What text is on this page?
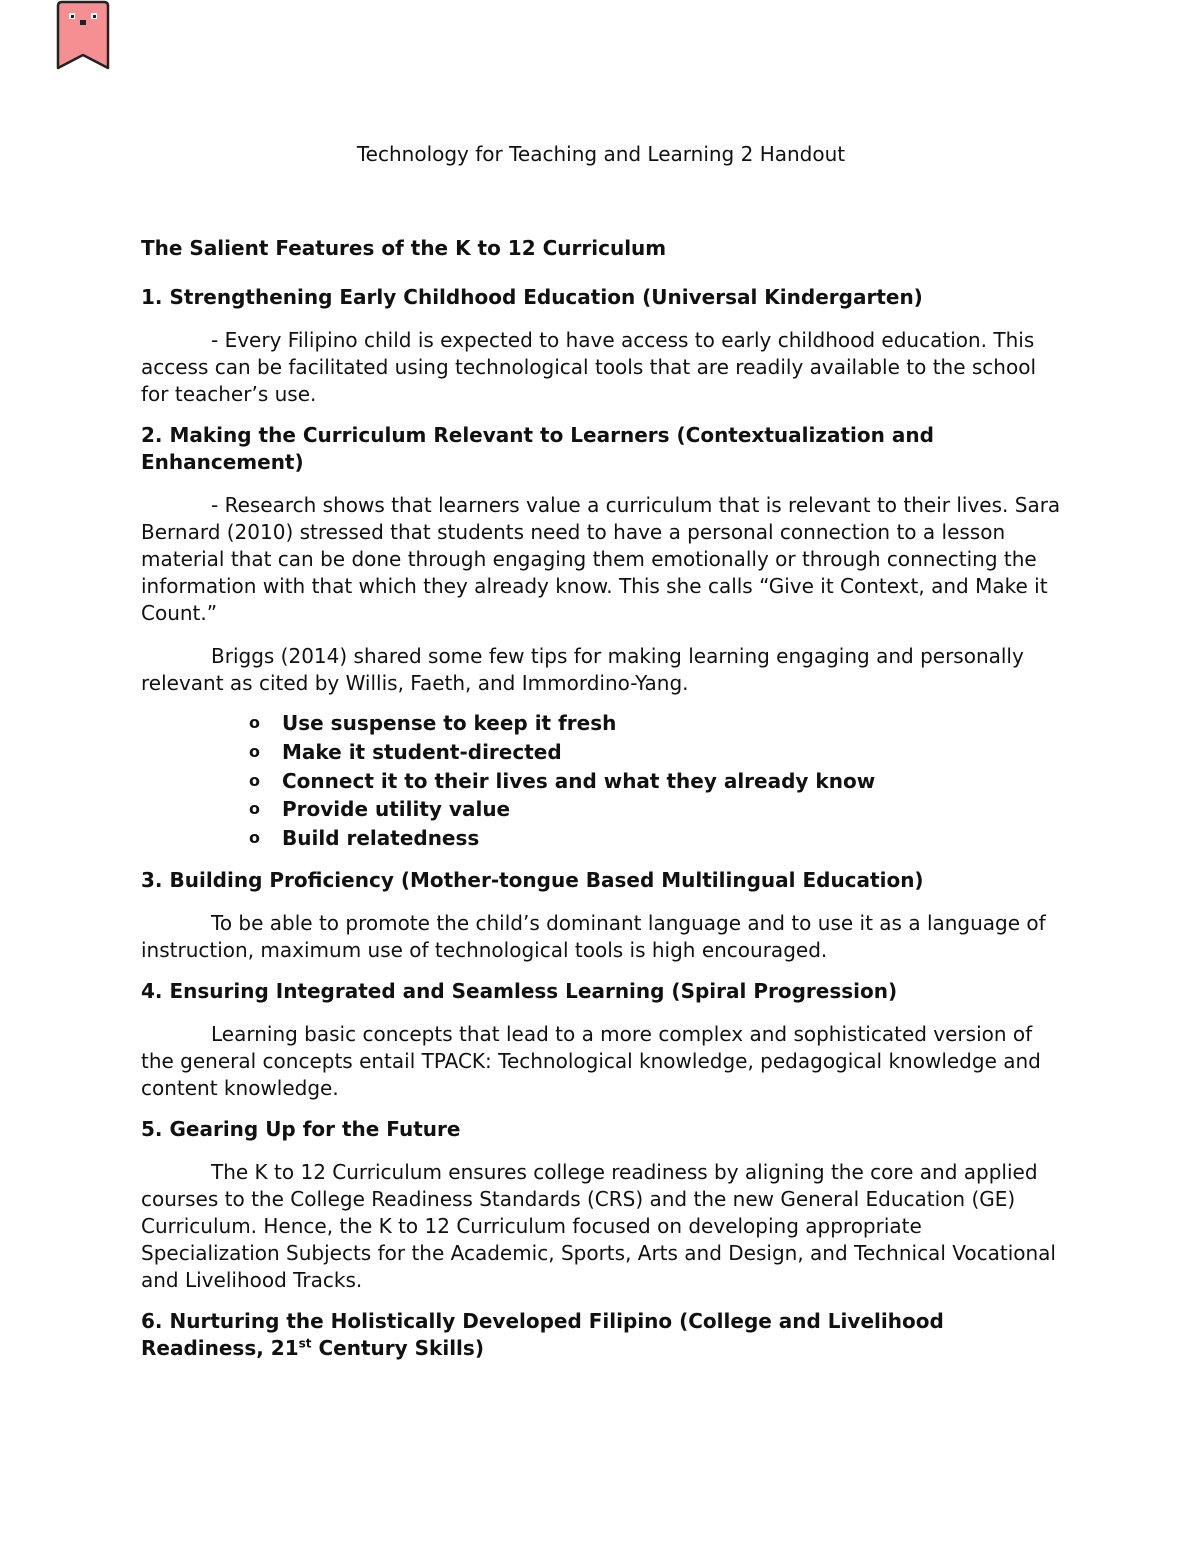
Technology for Teaching and Learning 2 Handout
The Salient Features of the K to 12 Curriculum
1. Strengthening Early Childhood Education (Universal Kindergarten)

- Every Filipino child is expected to have access to early childhood education. This access can be facilitated using technological tools that are readily available to the school for teacher’s use.

2. Making the Curriculum Relevant to Learners (Contextualization and Enhancement)

- Research shows that learners value a curriculum that is relevant to their lives. Sara Bernard (2010) stressed that students need to have a personal connection to a lesson material that can be done through engaging them emotionally or through connecting the information with that which they already know. This she calls “Give it Context, and Make it Count.”

Briggs (2014) shared some few tips for making learning engaging and personally relevant as cited by Willis, Faeth, and Immordino-Yang.

o Use suspense to keep it fresh
o Make it student-directed
o Connect it to their lives and what they already know
o Provide utility value
o Build relatedness
3. Building Proficiency (Mother-tongue Based Multilingual Education)

To be able to promote the child’s dominant language and to use it as a language of instruction, maximum use of technological tools is high encouraged.

4. Ensuring Integrated and Seamless Learning (Spiral Progression)

Learning basic concepts that lead to a more complex and sophisticated version of the general concepts entail TPACK: Technological knowledge, pedagogical knowledge and content knowledge.

5. Gearing Up for the Future

The K to 12 Curriculum ensures college readiness by aligning the core and applied courses to the College Readiness Standards (CRS) and the new General Education (GE) Curriculum. Hence, the K to 12 Curriculum focused on developing appropriate Specialization Subjects for the Academic, Sports, Arts and Design, and Technical Vocational and Livelihood Tracks.

6. Nurturing the Holistically Developed Filipino (College and Livelihood Readiness, 21st Century Skills)
